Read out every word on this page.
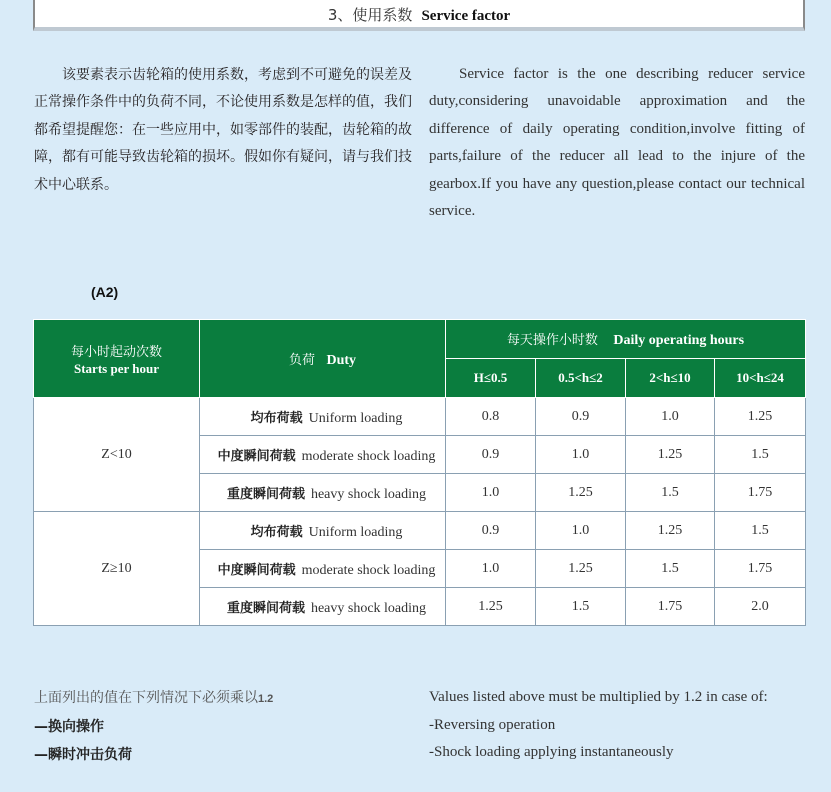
3、使用系数 Service factor

该要素表示齿轮箱的使用系数，考虑到不可避免的误差及正常操作条件中的负荷不同，不论使用系数是怎样的值，我们都希望提醒您：在一些应用中，如零部件的装配，齿轮箱的故障，都有可能导致齿轮箱的损坏。假如你有疑问，请与我们技术中心联系。

Service factor is the one describing reducer service duty,considering unavoidable approximation and the difference of daily operating condition,involve fitting of parts,failure of the reducer all lead to the injure of the gearbox.If you have any question,please contact our technical service.

(A2)
每小时起动次数
Starts per hour	负荷 Duty	每天操作小时数 Daily operating hours			
		H≤0.5	0.5<h≤2	2<h≤10	10<h≤24
Z<10	均布荷载 Uniform loading	0.8	0.9	1.0	1.25
	中度瞬间荷载 moderate shock loading	0.9	1.0	1.25	1.5
	重度瞬间荷载 heavy shock loading	1.0	1.25	1.5	1.75
Z≥10	均布荷载 Uniform loading	0.9	1.0	1.25	1.5
	中度瞬间荷载 moderate shock loading	1.0	1.25	1.5	1.75
	重度瞬间荷载 heavy shock loading	1.25	1.5	1.75	2.0
上面列出的值在下列情况下必须乘以1.2
—换向操作
—瞬时冲击负荷
Values listed above must be multiplied by 1.2 in case of:
-Reversing operation
-Shock loading applying instantaneously
